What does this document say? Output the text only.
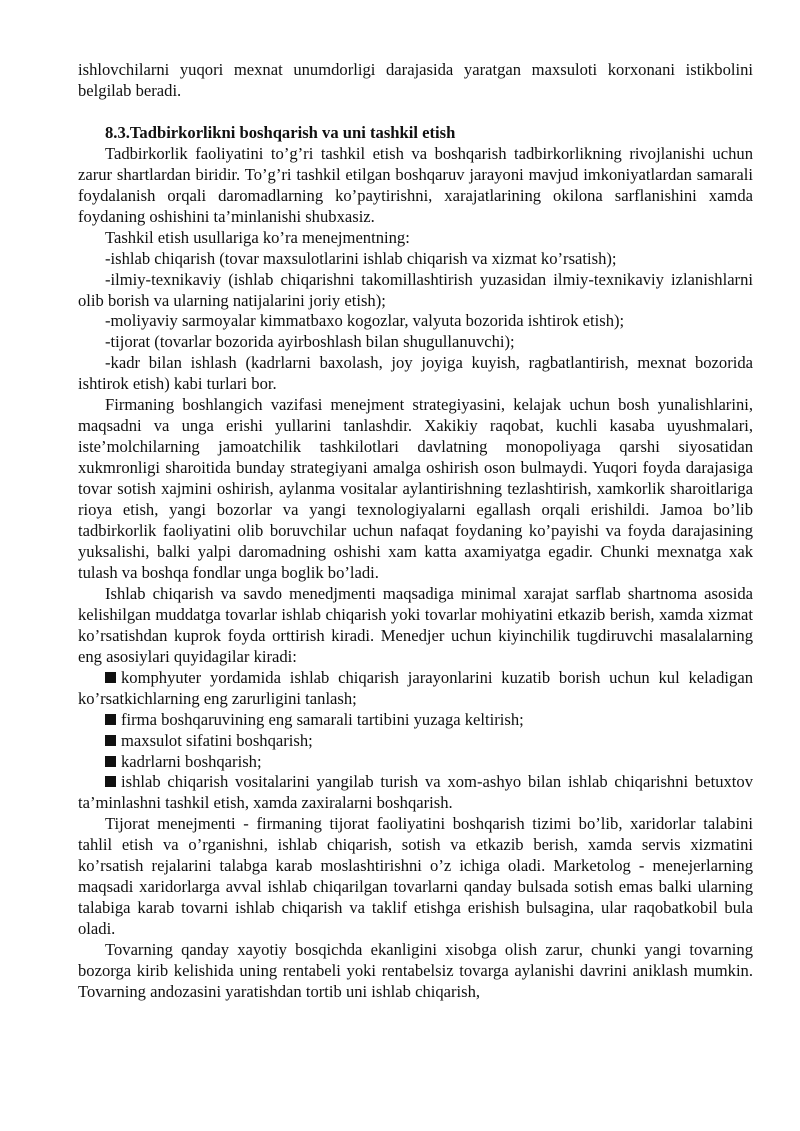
ishlovchilarni yuqori mexnat unumdorligi darajasida yaratgan maxsuloti korxonani istikbolini belgilab beradi.

8.3.Tadbirkorlikni boshqarish va uni tashkil etish

Tadbirkorlik faoliyatini to’g’ri tashkil etish va boshqarish tadbirkorlikning rivojlanishi uchun zarur shartlardan biridir. To’g’ri tashkil etilgan boshqaruv jarayoni mavjud imkoniyatlardan samarali foydalanish orqali daromadlarning ko’paytirishni, xarajatlarining okilona sarflanishini xamda foydaning oshishini ta’minlanishi shubxasiz.

Tashkil etish usullariga ko’ra menejmentning:

-ishlab chiqarish (tovar maxsulotlarini ishlab chiqarish va xizmat ko’rsatish);

-ilmiy-texnikaviy (ishlab chiqarishni takomillashtirish yuzasidan ilmiy-texnikaviy izlanishlarni olib borish va ularning natijalarini joriy etish);

-moliyaviy sarmoyalar kimmatbaxo kogozlar, valyuta bozorida ishtirok etish);

-tijorat (tovarlar bozorida ayirboshlash bilan shugullanuvchi);

-kadr bilan ishlash (kadrlarni baxolash, joy joyiga kuyish, ragbatlantirish, mexnat bozorida ishtirok etish) kabi turlari bor.

Firmaning boshlangich vazifasi menejment strategiyasini, kelajak uchun bosh yunalishlarini, maqsadni va unga erishi yullarini tanlashdir. Xakikiy raqobat, kuchli kasaba uyushmalari, iste’molchilarning jamoatchilik tashkilotlari davlatning monopoliyaga qarshi siyosatidan xukmronligi sharoitida bunday strategiyani amalga oshirish oson bulmaydi. Yuqori foyda darajasiga tovar sotish xajmini oshirish, aylanma vositalar aylantirishning tezlashtirish, xamkorlik sharoitlariga rioya etish, yangi bozorlar va yangi texnologiyalarni egallash orqali erishildi. Jamoa bo’lib tadbirkorlik faoliyatini olib boruvchilar uchun nafaqat foydaning ko’payishi va foyda darajasining yuksalishi, balki yalpi daromadning oshishi xam katta axamiyatga egadir. Chunki mexnatga xak tulash va boshqa fondlar unga boglik bo’ladi.

Ishlab chiqarish va savdo menedjmenti maqsadiga minimal xarajat sarflab shartnoma asosida kelishilgan muddatga tovarlar ishlab chiqarish yoki tovarlar mohiyatini etkazib berish, xamda xizmat ko’rsatishdan kuprok foyda orttirish kiradi. Menedjer uchun kiyinchilik tugdiruvchi masalalarning eng asosiylari quyidagilar kiradi:

komphyuter yordamida ishlab chiqarish jarayonlarini kuzatib borish uchun kul keladigan ko’rsatkichlarning eng zarurligini tanlash;

firma boshqaruvining eng samarali tartibini yuzaga keltirish;

maxsulot sifatini boshqarish;

kadrlarni boshqarish;

ishlab chiqarish vositalarini yangilab turish va xom-ashyo bilan ishlab chiqarishni betuxtov ta’minlashni tashkil etish, xamda zaxiralarni boshqarish.

Tijorat menejmenti - firmaning tijorat faoliyatini boshqarish tizimi bo’lib, xaridorlar talabini tahlil etish va o’rganishni, ishlab chiqarish, sotish va etkazib berish, xamda servis xizmatini ko’rsatish rejalarini talabga karab moslashtirishni o’z ichiga oladi. Marketolog - menejerlarning maqsadi xaridorlarga avval ishlab chiqarilgan tovarlarni qanday bulsada sotish emas balki ularning talabiga karab tovarni ishlab chiqarish va taklif etishga erishish bulsagina, ular raqobatkobil bula oladi.

Tovarning qanday xayotiy bosqichda ekanligini xisobga olish zarur, chunki yangi tovarning bozorga kirib kelishida uning rentabeli yoki rentabelsiz tovarga aylanishi davrini aniklash mumkin. Tovarning andozasini yaratishdan tortib uni ishlab chiqarish,
